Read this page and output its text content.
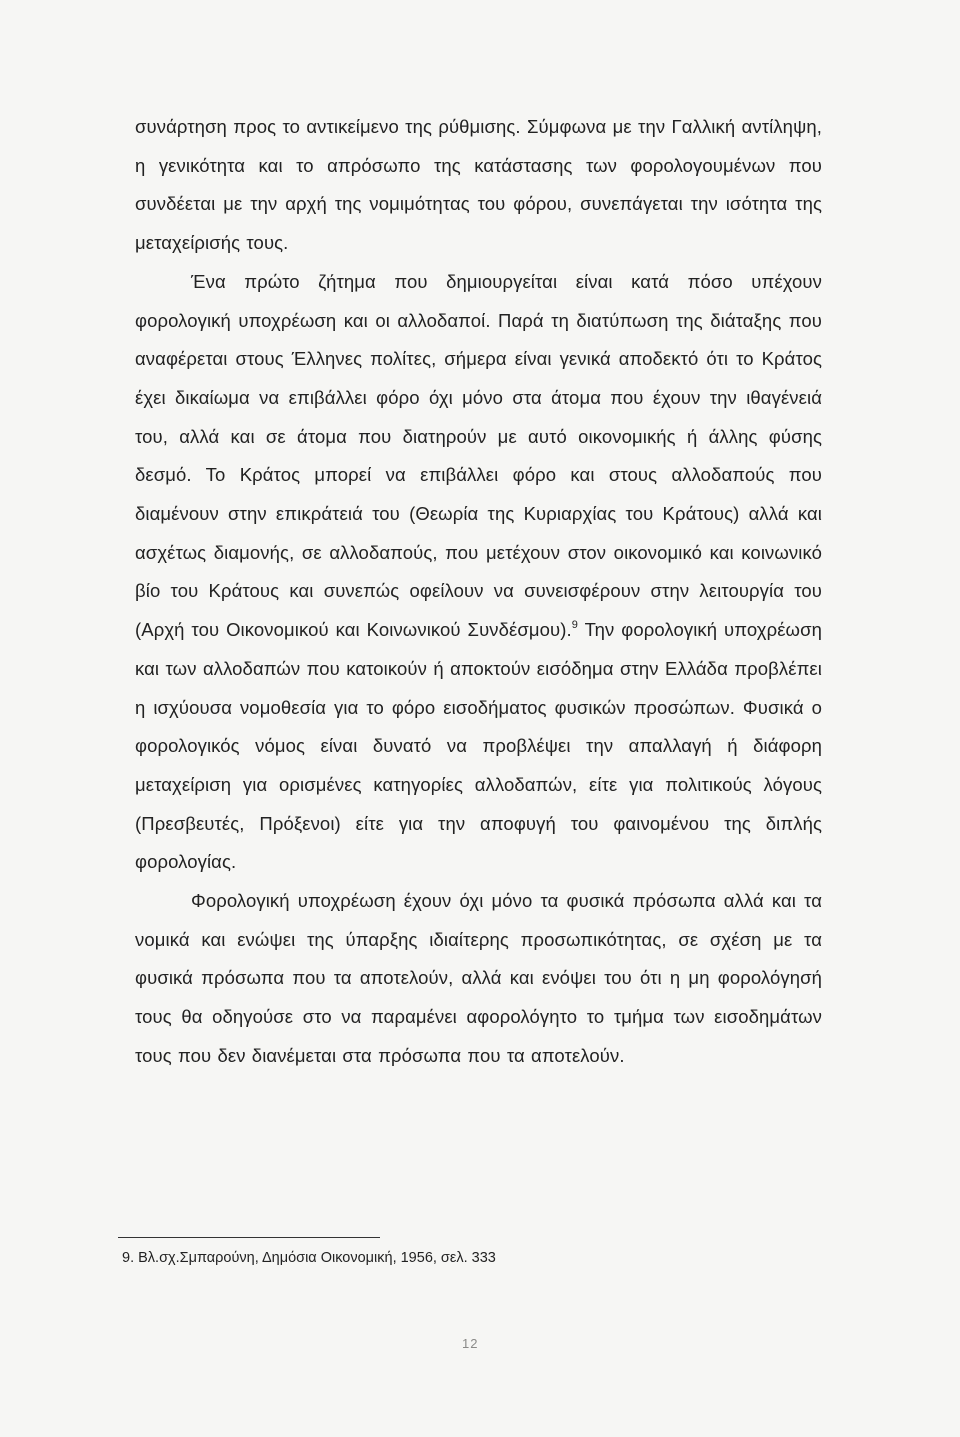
συνάρτηση προς το αντικείμενο της ρύθμισης. Σύμφωνα με την Γαλλική αντίληψη, η γενικότητα και το απρόσωπο της κατάστασης των φορολογουμένων που συνδέεται με την αρχή της νομιμότητας του φόρου, συνεπάγεται την ισότητα της μεταχείρισής τους.

Ένα πρώτο ζήτημα που δημιουργείται είναι κατά πόσο υπέχουν φορολογική υποχρέωση και οι αλλοδαποί. Παρά τη διατύπωση της διάταξης που αναφέρεται στους Έλληνες πολίτες, σήμερα είναι γενικά αποδεκτό ότι το Κράτος έχει δικαίωμα να επιβάλλει φόρο όχι μόνο στα άτομα που έχουν την ιθαγένειά του, αλλά και σε άτομα που διατηρούν με αυτό οικονομικής ή άλλης φύσης δεσμό. Το Κράτος μπορεί να επιβάλλει φόρο και στους αλλοδαπούς που διαμένουν στην επικράτειά του (Θεωρία της Κυριαρχίας του Κράτους) αλλά και ασχέτως διαμονής, σε αλλοδαπούς, που μετέχουν στον οικονομικό και κοινωνικό βίο του Κράτους και συνεπώς οφείλουν να συνεισφέρουν στην λειτουργία του (Αρχή του Οικονομικού και Κοινωνικού Συνδέσμου).$^9$ Την φορολογική υποχρέωση και των αλλοδαπών που κατοικούν ή αποκτούν εισόδημα στην Ελλάδα προβλέπει η ισχύουσα νομοθεσία για το φόρο εισοδήματος φυσικών προσώπων. Φυσικά ο φορολογικός νόμος είναι δυνατό να προβλέψει την απαλλαγή ή διάφορη μεταχείριση για ορισμένες κατηγορίες αλλοδαπών, είτε για πολιτικούς λόγους (Πρεσβευτές, Πρόξενοι) είτε για την αποφυγή του φαινομένου της διπλής φορολογίας.

Φορολογική υποχρέωση έχουν όχι μόνο τα φυσικά πρόσωπα αλλά και τα νομικά και ενώψει της ύπαρξης ιδιαίτερης προσωπικότητας, σε σχέση με τα φυσικά πρόσωπα που τα αποτελούν, αλλά και ενόψει του ότι η μη φορολόγησή τους θα οδηγούσε στο να παραμένει αφορολόγητο το τμήμα των εισοδημάτων τους που δεν διανέμεται στα πρόσωπα που τα αποτελούν.

9. Βλ.σχ.Σμπαρούνη, Δημόσια Οικονομική, 1956, σελ. 333
12
